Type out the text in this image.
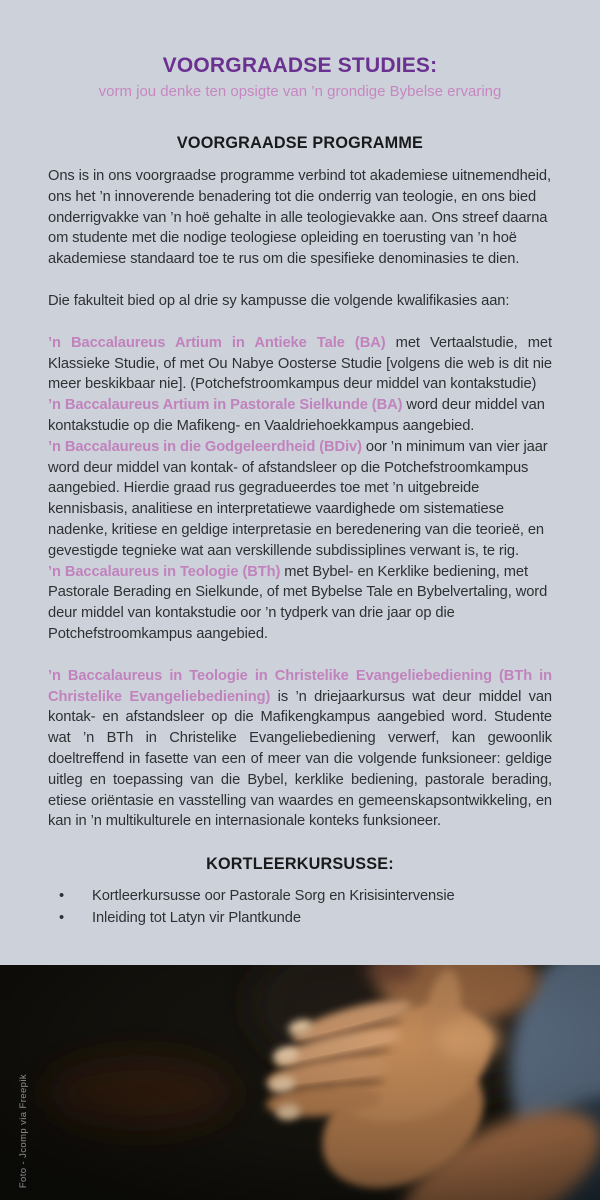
VOORGRAADSE STUDIES:
vorm jou denke ten opsigte van ’n grondige Bybelse ervaring
VOORGRAADSE PROGRAMME

Ons is in ons voorgraadse programme verbind tot akademiese uitnemendheid, ons het ’n innoverende benadering tot die onderrig van teologie, en ons bied onderrigvakke van ’n hoë gehalte in alle teologievakke aan. Ons streef daarna om studente met die nodige teologiese opleiding en toerusting van ’n hoë akademiese standaard toe te rus om die spesifieke denominasies te dien.

Die fakulteit bied op al drie sy kampusse die volgende kwalifikasies aan:

’n Baccalaureus Artium in Antieke Tale (BA) met Vertaalstudie, met Klassieke Studie, of met Ou Nabye Oosterse Studie [volgens die web is dit nie meer beskikbaar nie]. (Potchefstroomkampus deur middel van kontakstudie)

’n Baccalaureus Artium in Pastorale Sielkunde (BA) word deur middel van kontakstudie op die Mafikeng- en Vaaldriehoekkampus aangebied.

’n Baccalaureus in die Godgeleerdheid (BDiv) oor ’n minimum van vier jaar word deur middel van kontak- of afstandsleer op die Potchefstroomkampus aangebied. Hierdie graad rus gegradueerdes toe met ’n uitgebreide kennisbasis, analitiese en interpretatiewe vaardighede om sistematiese nadenke, kritiese en geldige interpretasie en beredenering van die teorieë, en gevestigde tegnieke wat aan verskillende subdissiplines verwant is, te rig.

’n Baccalaureus in Teologie (BTh) met Bybel- en Kerklike bediening, met Pastorale Berading en Sielkunde, of met Bybelse Tale en Bybelvertaling, word deur middel van kontakstudie oor ’n tydperk van drie jaar op die Potchefstroomkampus aangebied.

’n Baccalaureus in Teologie in Christelike Evangeliebediening (BTh in Christelike Evangeliebediening) is ’n driejaarkursus wat deur middel van kontak- en afstandsleer op die Mafikengkampus aangebied word. Studente wat ’n BTh in Christelike Evangeliebediening verwerf, kan gewoonlik doeltreffend in fasette van een of meer van die volgende funksioneer: geldige uitleg en toepassing van die Bybel, kerklike bediening, pastorale berading, etiese oriëntasie en vasstelling van waardes en gemeenskapsontwikkeling, en kan in ’n multikulturele en internasionale konteks funksioneer.

KORTLEERKURSUSSE:
•	Kortleerkursusse oor Pastorale Sorg en Krisisintervensie
•	Inleiding tot Latyn vir Plantkunde
Foto - Jcomp via Freepik
